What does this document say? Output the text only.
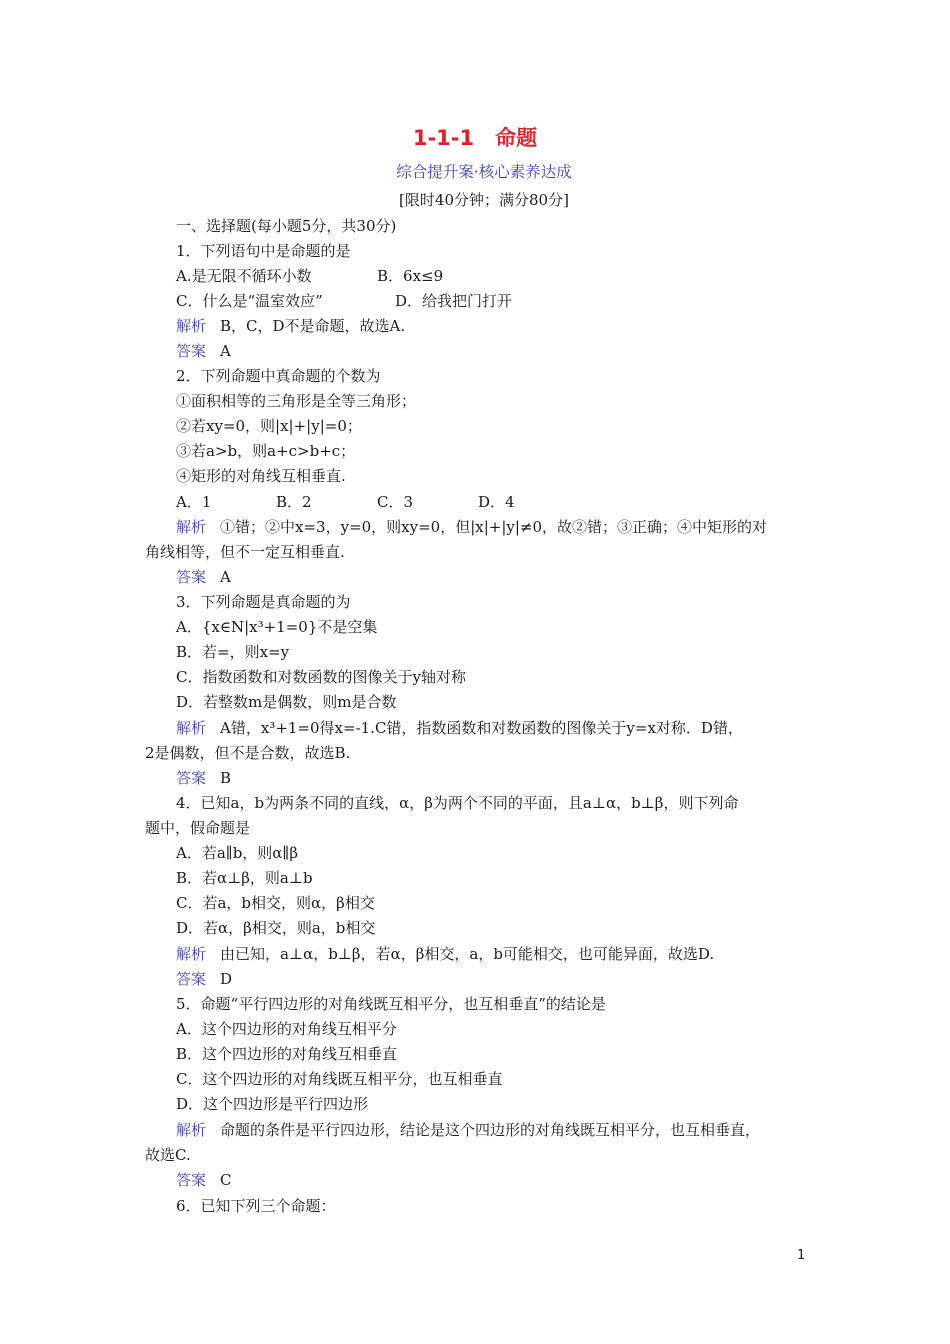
1-1-1　命题
综合提升案·核心素养达成
[限时40分钟；满分80分]
一、选择题(每小题5分，共30分)
1．下列语句中是命题的是
A.是无限不循环小数	B．6x≤9
C．什么是“温室效应”	D．给我把门打开
解析 B，C，D不是命题，故选A.
答案 A
2．下列命题中真命题的个数为
①面积相等的三角形是全等三角形；
②若xy=0，则|x|+|y|=0；
③若a>b，则a+c>b+c；
④矩形的对角线互相垂直.
A．1	B．2	C．3	D．4
解析 ①错；②中x=3，y=0，则xy=0，但|x|+|y|≠0，故②错；③正确；④中矩形的对
角线相等，但不一定互相垂直.
答案 A
3．下列命题是真命题的为
A．{x∈N|x³+1=0}不是空集
B．若=，则x=y
C．指数函数和对数函数的图像关于y轴对称
D．若整数m是偶数，则m是合数
解析 A错，x³+1=0得x=-1.C错，指数函数和对数函数的图像关于y=x对称．D错，
2是偶数，但不是合数，故选B.
答案 B
4．已知a，b为两条不同的直线，α，β为两个不同的平面，且a⊥α，b⊥β，则下列命
题中，假命题是
A．若a∥b，则α∥β
B．若α⊥β，则a⊥b
C．若a，b相交，则α，β相交
D．若α，β相交，则a，b相交
解析 由已知，a⊥α，b⊥β，若α，β相交，a，b可能相交，也可能异面，故选D.
答案 D
5．命题“平行四边形的对角线既互相平分，也互相垂直”的结论是
A．这个四边形的对角线互相平分
B．这个四边形的对角线互相垂直
C．这个四边形的对角线既互相平分，也互相垂直
D．这个四边形是平行四边形
解析 命题的条件是平行四边形，结论是这个四边形的对角线既互相平分，也互相垂直，
故选C.
答案 C
6．已知下列三个命题：
1
